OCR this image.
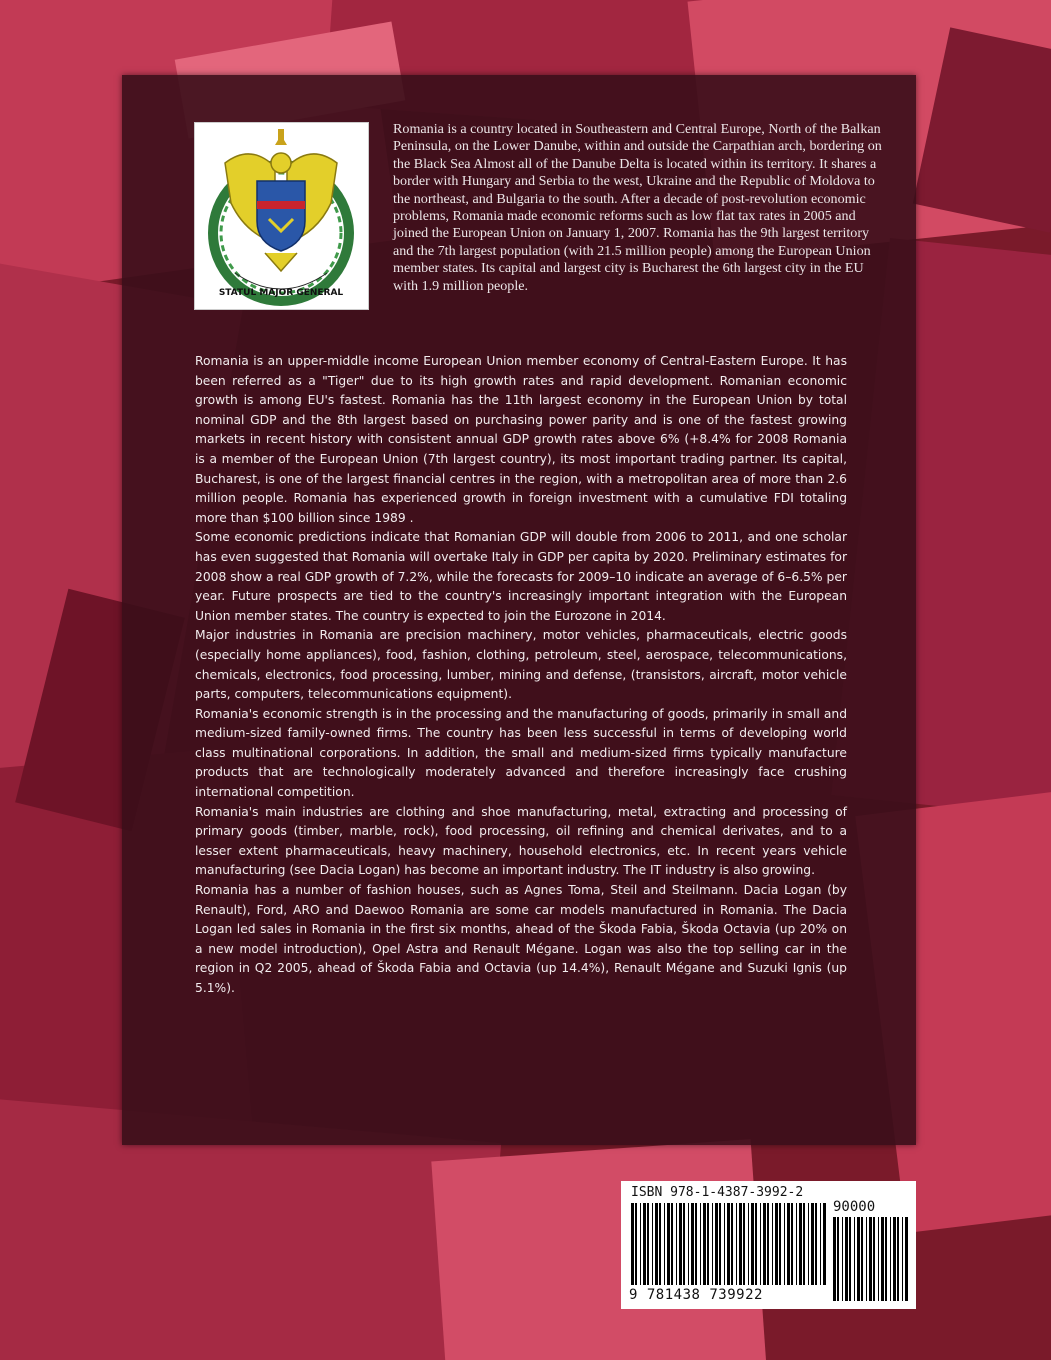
STATUL MAJOR GENERAL

Romania is a country located in Southeastern and Central Europe, North of the Balkan Peninsula, on the Lower Danube, within and outside the Carpathian arch, bordering on the Black Sea Almost all of the Danube Delta is located within its territory. It shares a border with Hungary and Serbia to the west, Ukraine and the Republic of Moldova to the northeast, and Bulgaria to the south. After a decade of post-revolution economic problems, Romania made economic reforms such as low flat tax rates in 2005 and joined the European Union on January 1, 2007. Romania has the 9th largest territory and the 7th largest population (with 21.5 million people) among the European Union member states. Its capital and largest city is Bucharest the 6th largest city in the EU with 1.9 million people.

Romania is an upper-middle income European Union member economy of Central-Eastern Europe. It has been referred as a "Tiger" due to its high growth rates and rapid development. Romanian economic growth is among EU's fastest. Romania has the 11th largest economy in the European Union by total nominal GDP and the 8th largest based on purchasing power parity and is one of the fastest growing markets in recent history with consistent annual GDP growth rates above 6% (+8.4% for 2008 Romania is a member of the European Union (7th largest country), its most important trading partner. Its capital, Bucharest, is one of the largest financial centres in the region, with a metropolitan area of more than 2.6 million people. Romania has experienced growth in foreign investment with a cumulative FDI totaling more than $100 billion since 1989 .

Some economic predictions indicate that Romanian GDP will double from 2006 to 2011, and one scholar has even suggested that Romania will overtake Italy in GDP per capita by 2020. Preliminary estimates for 2008 show a real GDP growth of 7.2%, while the forecasts for 2009–10 indicate an average of 6–6.5% per year. Future prospects are tied to the country's increasingly important integration with the European Union member states. The country is expected to join the Eurozone in 2014.

Major industries in Romania are precision machinery, motor vehicles, pharmaceuticals, electric goods (especially home appliances), food, fashion, clothing, petroleum, steel, aerospace, telecommunications, chemicals, electronics, food processing, lumber, mining and defense, (transistors, aircraft, motor vehicle parts, computers, telecommunications equipment).

Romania's economic strength is in the processing and the manufacturing of goods, primarily in small and medium-sized family-owned firms. The country has been less successful in terms of developing world class multinational corporations. In addition, the small and medium-sized firms typically manufacture products that are technologically moderately advanced and therefore increasingly face crushing international competition.

Romania's main industries are clothing and shoe manufacturing, metal, extracting and processing of primary goods (timber, marble, rock), food processing, oil refining and chemical derivates, and to a lesser extent pharmaceuticals, heavy machinery, household electronics, etc. In recent years vehicle manufacturing (see Dacia Logan) has become an important industry. The IT industry is also growing.

Romania has a number of fashion houses, such as Agnes Toma, Steil and Steilmann. Dacia Logan (by Renault), Ford, ARO and Daewoo Romania are some car models manufactured in Romania. The Dacia Logan led sales in Romania in the first six months, ahead of the Škoda Fabia, Škoda Octavia (up 20% on a new model introduction), Opel Astra and Renault Mégane. Logan was also the top selling car in the region in Q2 2005, ahead of Škoda Fabia and Octavia (up 14.4%), Renault Mégane and Suzuki Ignis (up 5.1%).

ISBN 978-1-4387-3992-2
9 781438 739922
90000
